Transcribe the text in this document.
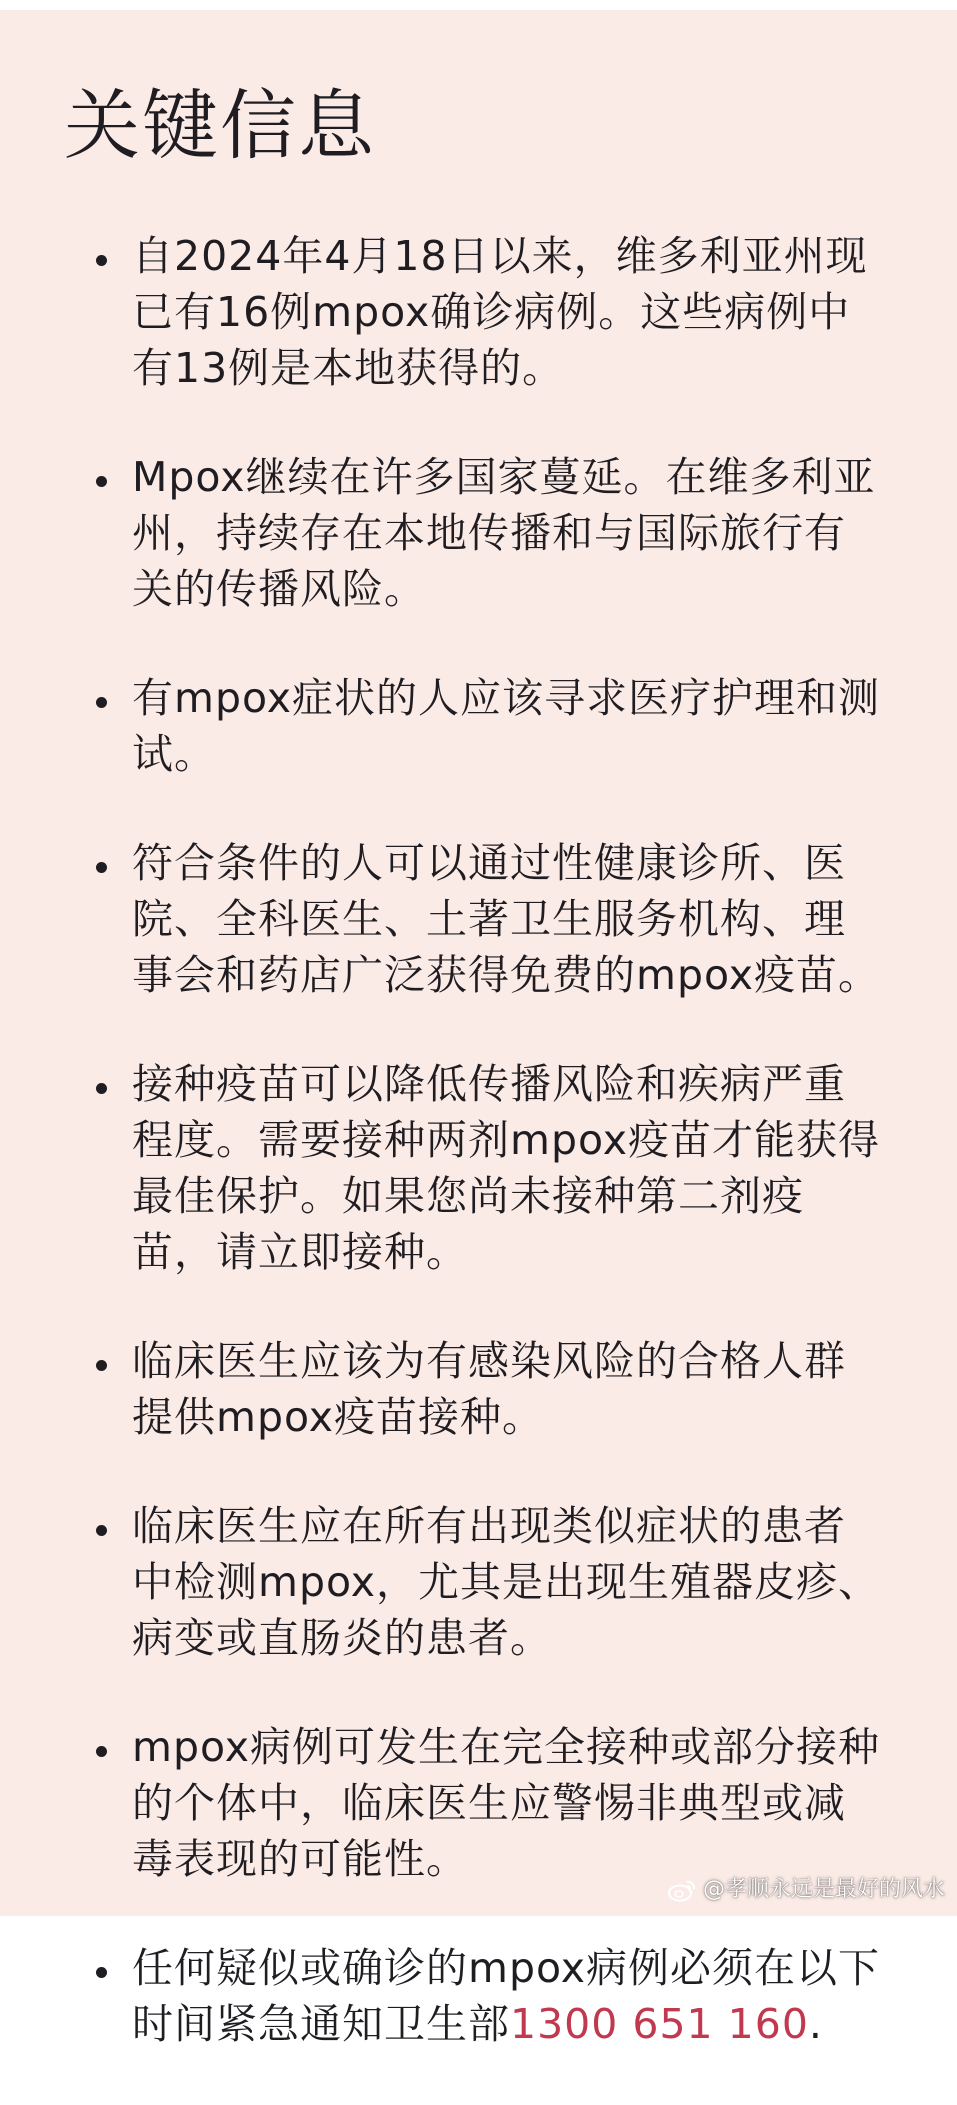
关键信息
自2024年4月18日以来，维多利亚州现已有16例mpox确诊病例。这些病例中有13例是本地获得的。
Mpox继续在许多国家蔓延。在维多利亚州，持续存在本地传播和与国际旅行有关的传播风险。
有mpox症状的人应该寻求医疗护理和测试。
符合条件的人可以通过性健康诊所、医院、全科医生、土著卫生服务机构、理事会和药店广泛获得免费的mpox疫苗。
接种疫苗可以降低传播风险和疾病严重程度。需要接种两剂mpox疫苗才能获得最佳保护。如果您尚未接种第二剂疫苗，请立即接种。
临床医生应该为有感染风险的合格人群提供mpox疫苗接种。
临床医生应在所有出现类似症状的患者中检测mpox，尤其是出现生殖器皮疹、病变或直肠炎的患者。
mpox病例可发生在完全接种或部分接种的个体中，临床医生应警惕非典型或减毒表现的可能性。
任何疑似或确诊的mpox病例必须在以下时间紧急通知卫生部1300 651 160.
@孝顺永远是最好的风水
